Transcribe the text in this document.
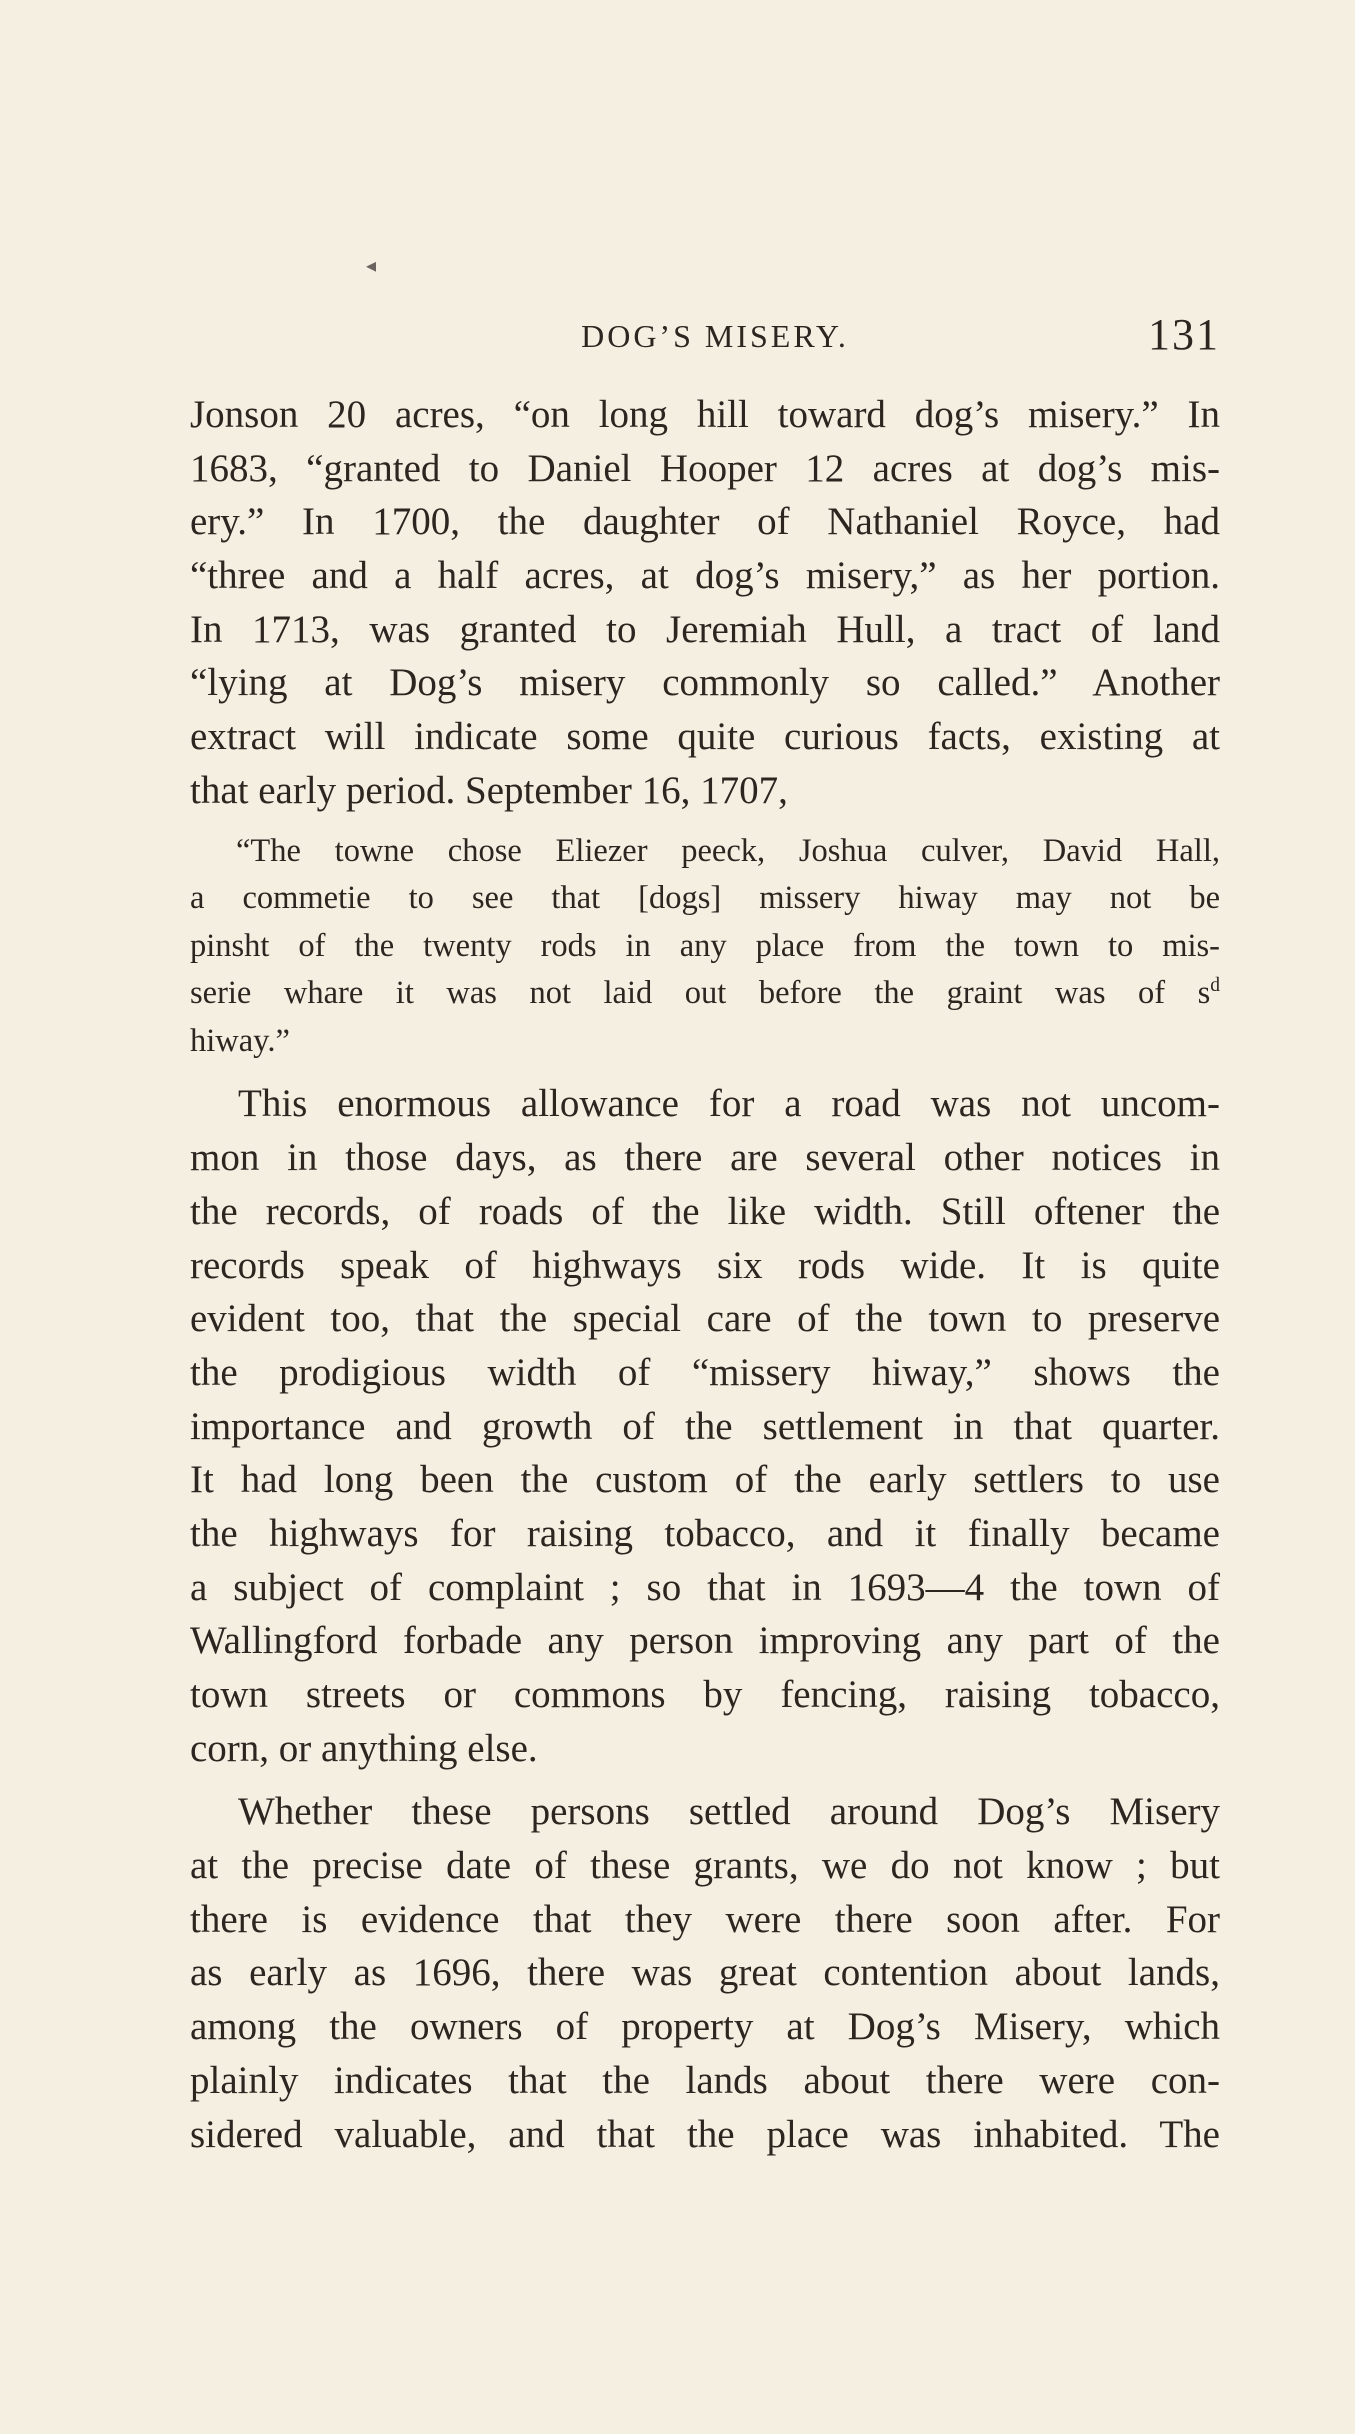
◂
DOG’S MISERY.	131
Jonson 20 acres, “on long hill toward dog’s misery.” In
1683, “granted to Daniel Hooper 12 acres at dog’s mis-
ery.” In 1700, the daughter of Nathaniel Royce, had
“three and a half acres, at dog’s misery,” as her portion.
In 1713, was granted to Jeremiah Hull, a tract of land
“lying at Dog’s misery commonly so called.” Another
extract will indicate some quite curious facts, existing at
that early period. September 16, 1707,
“The towne chose Eliezer peeck, Joshua culver, David Hall,
a commetie to see that [dogs] missery hiway may not be
pinsht of the twenty rods in any place from the town to mis-
serie whare it was not laid out before the graint was of $s^d$
hiway.”
This enormous allowance for a road was not uncom-
mon in those days, as there are several other notices in
the records, of roads of the like width. Still oftener the
records speak of highways six rods wide. It is quite
evident too, that the special care of the town to preserve
the prodigious width of “missery hiway,” shows the
importance and growth of the settlement in that quarter.
It had long been the custom of the early settlers to use
the highways for raising tobacco, and it finally became
a subject of complaint ; so that in 1693—4 the town of
Wallingford forbade any person improving any part of the
town streets or commons by fencing, raising tobacco,
corn, or anything else.
Whether these persons settled around Dog’s Misery
at the precise date of these grants, we do not know ; but
there is evidence that they were there soon after. For
as early as 1696, there was great contention about lands,
among the owners of property at Dog’s Misery, which
plainly indicates that the lands about there were con-
sidered valuable, and that the place was inhabited. The
